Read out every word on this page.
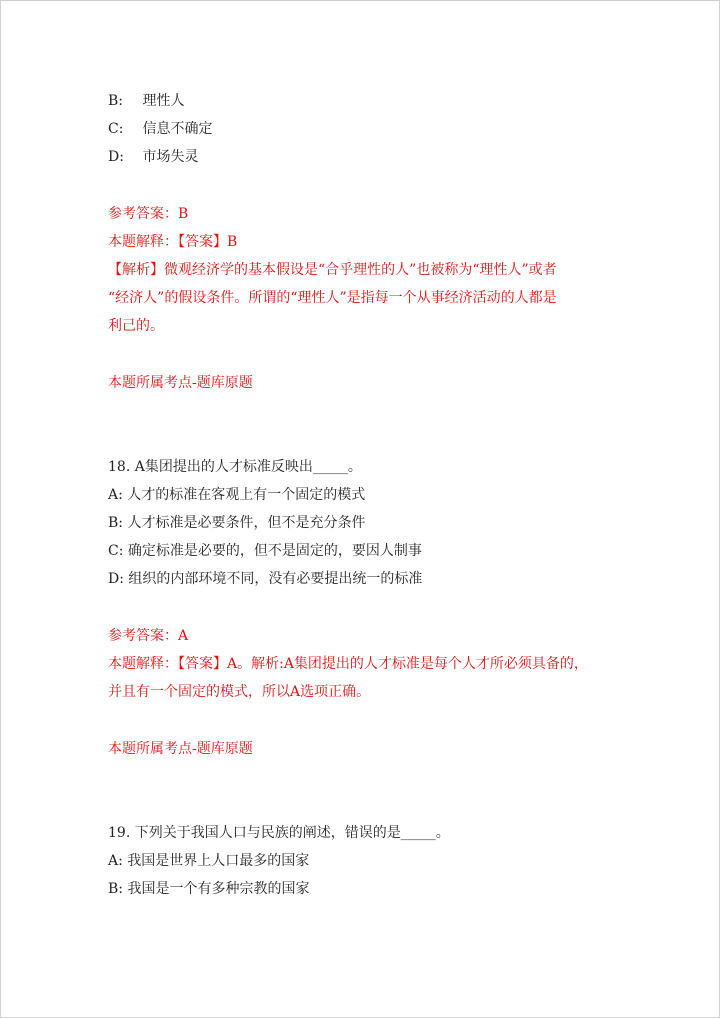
B: 理性人
C: 信息不确定
D: 市场失灵
参考答案：B
本题解释：【答案】B
【解析】微观经济学的基本假设是“合乎理性的人”也被称为“理性人”或者
“经济人”的假设条件。所谓的“理性人”是指每一个从事经济活动的人都是
利己的。
本题所属考点-题库原题
18. A集团提出的人才标准反映出_____。
A: 人才的标准在客观上有一个固定的模式
B: 人才标准是必要条件，但不是充分条件
C: 确定标准是必要的，但不是固定的，要因人制事
D: 组织的内部环境不同，没有必要提出统一的标准
参考答案：A
本题解释：【答案】A。解析:A集团提出的人才标准是每个人才所必须具备的，
并且有一个固定的模式，所以A选项正确。
本题所属考点-题库原题
19. 下列关于我国人口与民族的阐述，错误的是_____。
A: 我国是世界上人口最多的国家
B: 我国是一个有多种宗教的国家
